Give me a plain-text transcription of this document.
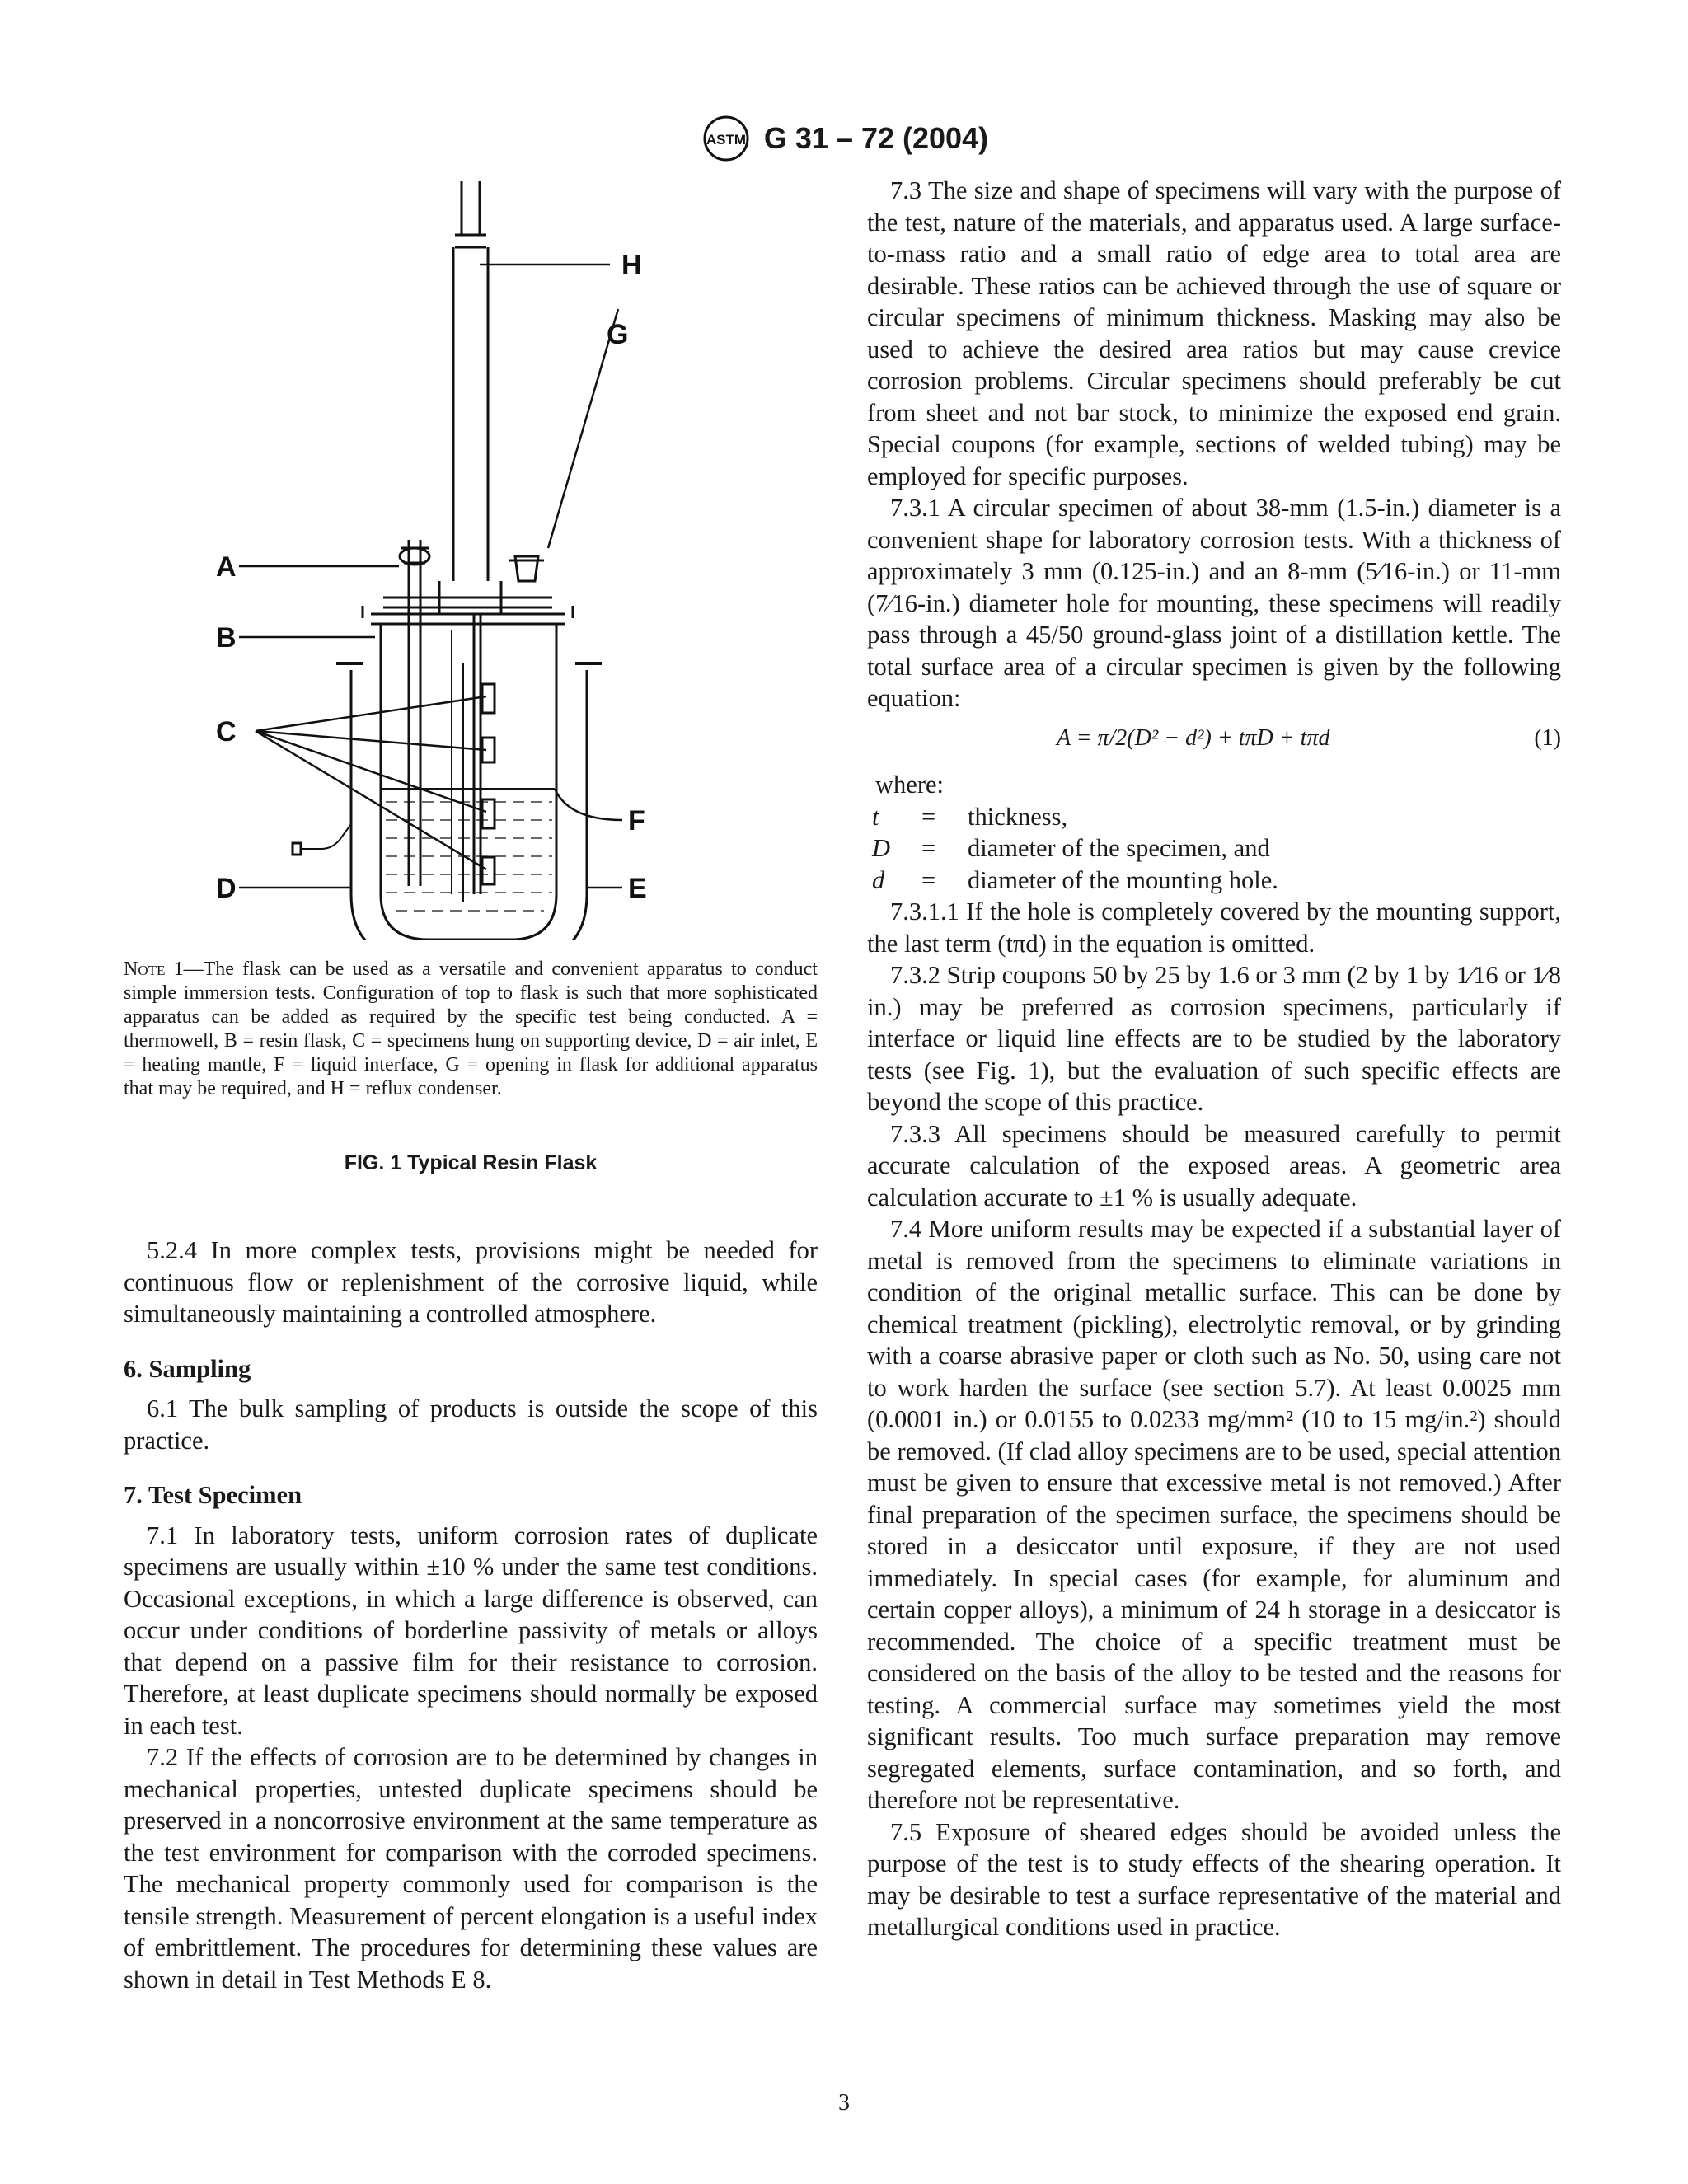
ASTM G 31 – 72 (2004)
H
G
A
B
C
F
D	E
Note 1—The flask can be used as a versatile and convenient apparatus to conduct simple immersion tests. Configuration of top to flask is such that more sophisticated apparatus can be added as required by the specific test being conducted. A = thermowell, B = resin flask, C = specimens hung on supporting device, D = air inlet, E = heating mantle, F = liquid interface, G = opening in flask for additional apparatus that may be required, and H = reflux condenser.
FIG. 1 Typical Resin Flask

5.2.4 In more complex tests, provisions might be needed for continuous flow or replenishment of the corrosive liquid, while simultaneously maintaining a controlled atmosphere.

6. Sampling

6.1 The bulk sampling of products is outside the scope of this practice.

7. Test Specimen

7.1 In laboratory tests, uniform corrosion rates of duplicate specimens are usually within ±10 % under the same test conditions. Occasional exceptions, in which a large difference is observed, can occur under conditions of borderline passivity of metals or alloys that depend on a passive film for their resistance to corrosion. Therefore, at least duplicate specimens should normally be exposed in each test.

7.2 If the effects of corrosion are to be determined by changes in mechanical properties, untested duplicate specimens should be preserved in a noncorrosive environment at the same temperature as the test environment for comparison with the corroded specimens. The mechanical property commonly used for comparison is the tensile strength. Measurement of percent elongation is a useful index of embrittlement. The procedures for determining these values are shown in detail in Test Methods E 8.

7.3 The size and shape of specimens will vary with the purpose of the test, nature of the materials, and apparatus used. A large surface-to-mass ratio and a small ratio of edge area to total area are desirable. These ratios can be achieved through the use of square or circular specimens of minimum thickness. Masking may also be used to achieve the desired area ratios but may cause crevice corrosion problems. Circular specimens should preferably be cut from sheet and not bar stock, to minimize the exposed end grain. Special coupons (for example, sections of welded tubing) may be employed for specific purposes.

7.3.1 A circular specimen of about 38-mm (1.5-in.) diameter is a convenient shape for laboratory corrosion tests. With a thickness of approximately 3 mm (0.125-in.) and an 8-mm (5⁄16-in.) or 11-mm (7⁄16-in.) diameter hole for mounting, these specimens will readily pass through a 45/50 ground-glass joint of a distillation kettle. The total surface area of a circular specimen is given by the following equation:

A = π/2(D² − d²) + tπD + tπd	(1)
where:
t	=	thickness,
D	=	diameter of the specimen, and
d	=	diameter of the mounting hole.

7.3.1.1 If the hole is completely covered by the mounting support, the last term (tπd) in the equation is omitted.

7.3.2 Strip coupons 50 by 25 by 1.6 or 3 mm (2 by 1 by 1⁄16 or 1⁄8 in.) may be preferred as corrosion specimens, particularly if interface or liquid line effects are to be studied by the laboratory tests (see Fig. 1), but the evaluation of such specific effects are beyond the scope of this practice.

7.3.3 All specimens should be measured carefully to permit accurate calculation of the exposed areas. A geometric area calculation accurate to ±1 % is usually adequate.

7.4 More uniform results may be expected if a substantial layer of metal is removed from the specimens to eliminate variations in condition of the original metallic surface. This can be done by chemical treatment (pickling), electrolytic removal, or by grinding with a coarse abrasive paper or cloth such as No. 50, using care not to work harden the surface (see section 5.7). At least 0.0025 mm (0.0001 in.) or 0.0155 to 0.0233 mg/mm² (10 to 15 mg/in.²) should be removed. (If clad alloy specimens are to be used, special attention must be given to ensure that excessive metal is not removed.) After final preparation of the specimen surface, the specimens should be stored in a desiccator until exposure, if they are not used immediately. In special cases (for example, for aluminum and certain copper alloys), a minimum of 24 h storage in a desiccator is recommended. The choice of a specific treatment must be considered on the basis of the alloy to be tested and the reasons for testing. A commercial surface may sometimes yield the most significant results. Too much surface preparation may remove segregated elements, surface contamination, and so forth, and therefore not be representative.

7.5 Exposure of sheared edges should be avoided unless the purpose of the test is to study effects of the shearing operation. It may be desirable to test a surface representative of the material and metallurgical conditions used in practice.

3
